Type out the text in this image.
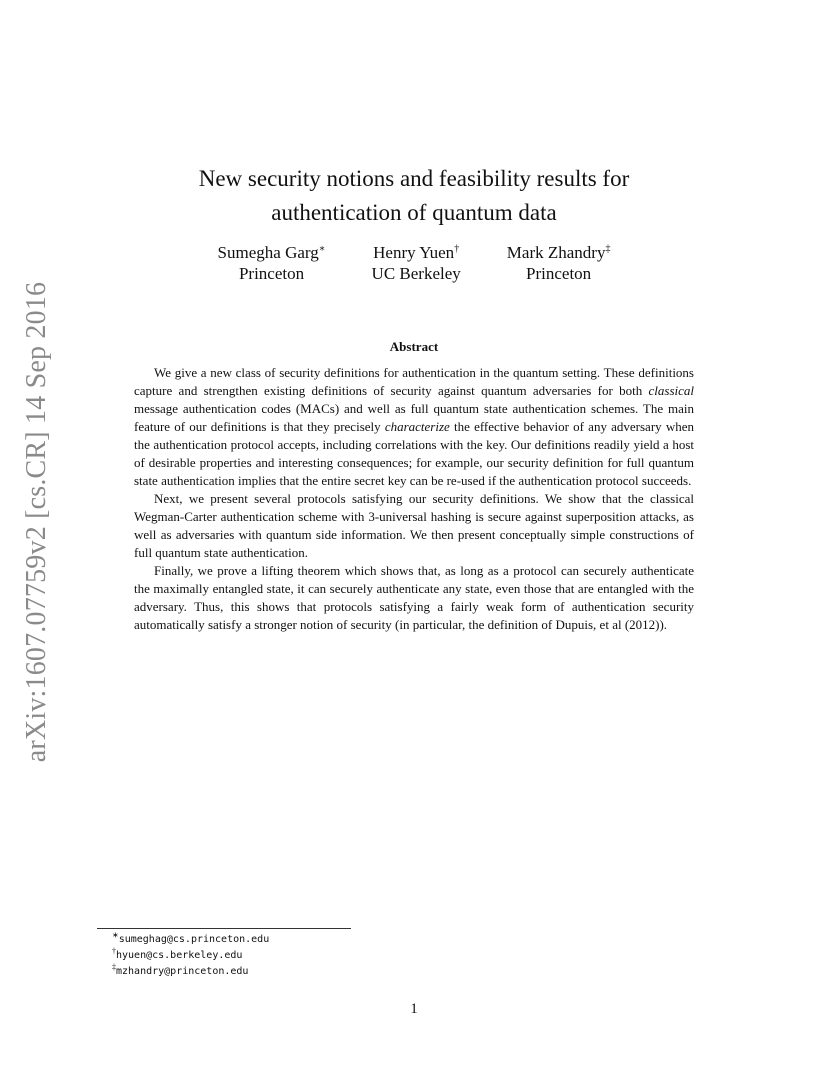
arXiv:1607.07759v2 [cs.CR] 14 Sep 2016
New security notions and feasibility results for
authentication of quantum data
Sumegha Garg∗
Princeton
Henry Yuen†
UC Berkeley
Mark Zhandry‡
Princeton
Abstract

We give a new class of security definitions for authentication in the quantum setting. These definitions capture and strengthen existing definitions of security against quantum adversaries for both classical message authentication codes (MACs) and well as full quantum state authentication schemes. The main feature of our definitions is that they precisely characterize the effective behavior of any adversary when the authentication protocol accepts, including correlations with the key. Our definitions readily yield a host of desirable properties and interesting consequences; for example, our security definition for full quantum state authentication implies that the entire secret key can be re-used if the authentication protocol succeeds.

Next, we present several protocols satisfying our security definitions. We show that the classical Wegman-Carter authentication scheme with 3-universal hashing is secure against superposition attacks, as well as adversaries with quantum side information. We then present conceptually simple constructions of full quantum state authentication.

Finally, we prove a lifting theorem which shows that, as long as a protocol can securely authenticate the maximally entangled state, it can securely authenticate any state, even those that are entangled with the adversary. Thus, this shows that protocols satisfying a fairly weak form of authentication security automatically satisfy a stronger notion of security (in particular, the definition of Dupuis, et al (2012)).

∗sumeghag@cs.princeton.edu
†hyuen@cs.berkeley.edu
‡mzhandry@princeton.edu
1
